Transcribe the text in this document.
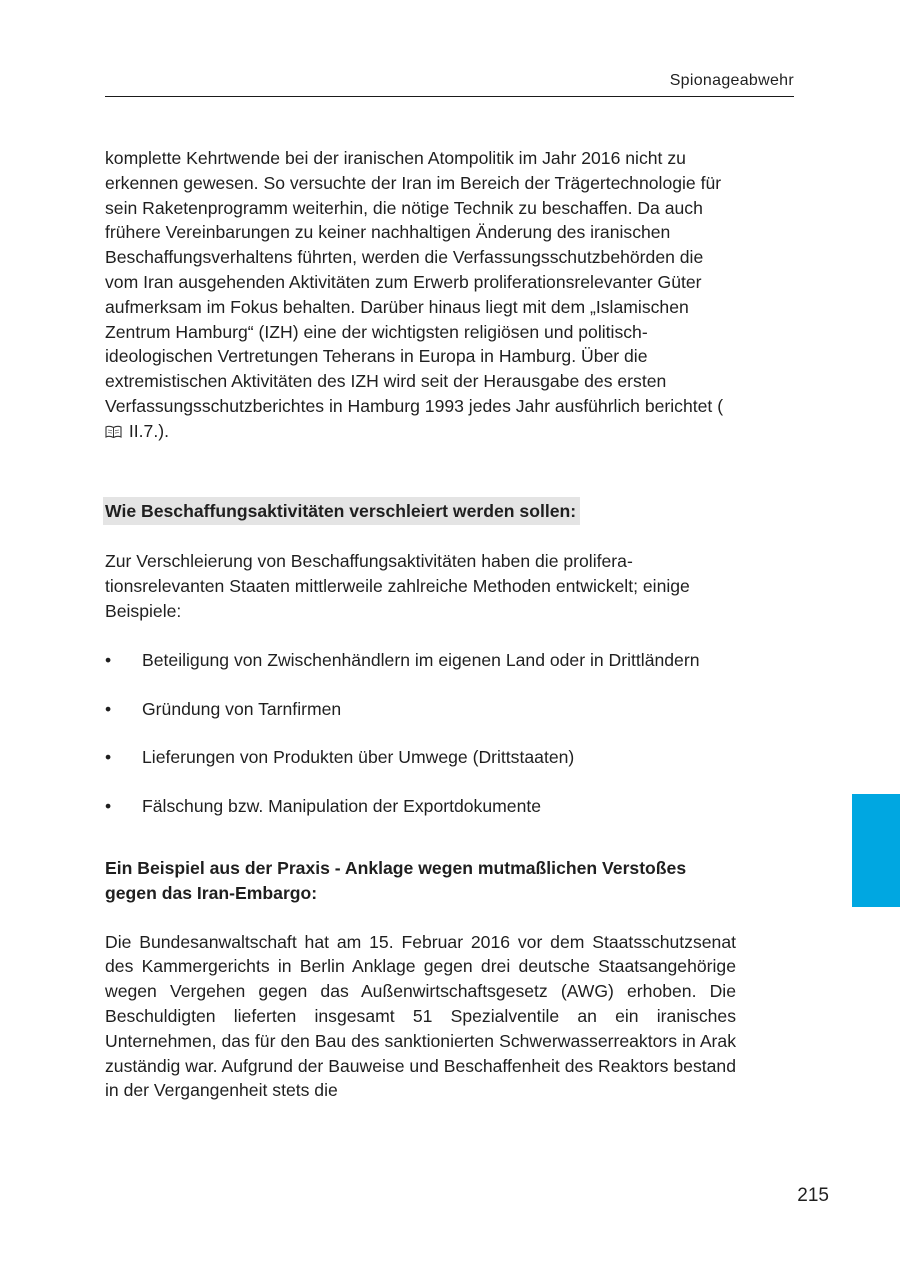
Spionageabwehr

komplette Kehrtwende bei der iranischen Atompolitik im Jahr 2016 nicht zu erkennen gewesen. So versuchte der Iran im Bereich der Trägertechnologie für sein Raketenprogramm weiterhin, die nötige Technik zu beschaffen. Da auch frühere Vereinbarungen zu keiner nachhaltigen Änderung des iranischen Beschaffungsverhaltens führten, werden die Verfassungsschutzbehörden die vom Iran ausgehenden Aktivitäten zum Erwerb proliferationsrelevanter Güter aufmerksam im Fokus behalten. Darüber hinaus liegt mit dem „Islamischen Zentrum Hamburg“ (IZH) eine der wichtigsten religiösen und politisch-ideologischen Vertretungen Teherans in Europa in Hamburg. Über die extremistischen Aktivitäten des IZH wird seit der Herausgabe des ersten Verfassungsschutzberichtes in Hamburg 1993 jedes Jahr ausführlich berichtet ( II.7.).

Wie Beschaffungsaktivitäten verschleiert werden sollen:

Zur Verschleierung von Beschaffungsaktivitäten haben die proliferationsrelevanten Staaten mittlerweile zahlreiche Methoden entwickelt; einige Beispiele:

• Beteiligung von Zwischenhändlern im eigenen Land oder in Drittländern
• Gründung von Tarnfirmen
• Lieferungen von Produkten über Umwege (Drittstaaten)
• Fälschung bzw. Manipulation der Exportdokumente

Ein Beispiel aus der Praxis - Anklage wegen mutmaßlichen Verstoßes gegen das Iran-Embargo:

Die Bundesanwaltschaft hat am 15. Februar 2016 vor dem Staatsschutzsenat des Kammergerichts in Berlin Anklage gegen drei deutsche Staatsangehörige wegen Vergehen gegen das Außenwirtschaftsgesetz (AWG) erhoben. Die Beschuldigten lieferten insgesamt 51 Spezialventile an ein iranisches Unternehmen, das für den Bau des sanktionierten Schwerwasserreaktors in Arak zuständig war. Aufgrund der Bauweise und Beschaffenheit des Reaktors bestand in der Vergangenheit stets die

215
